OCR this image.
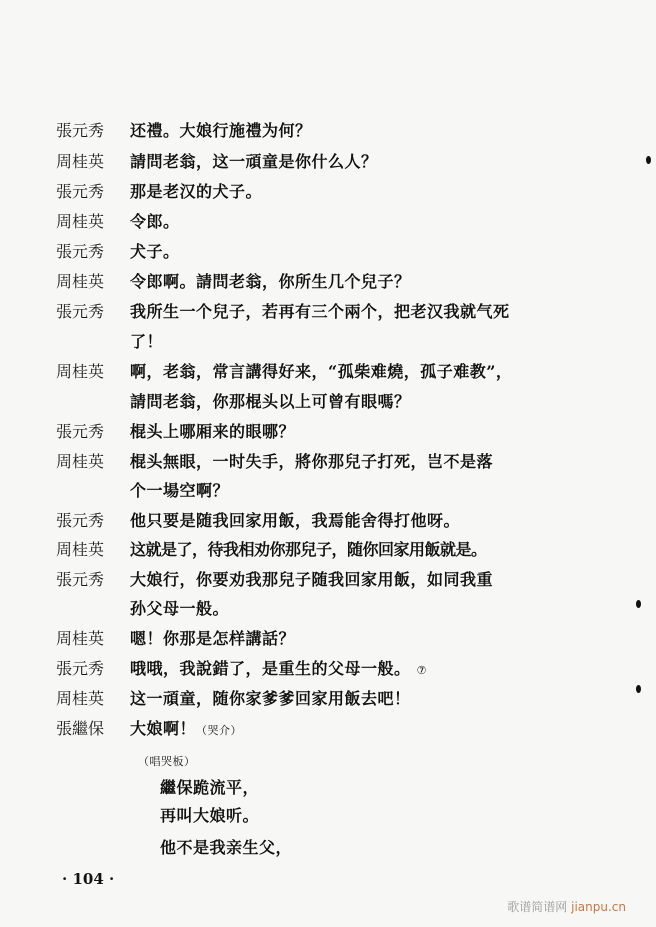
張元秀 还禮。大娘行施禮为何？
周桂英 請問老翁，这一頑童是你什么人？
張元秀 那是老汉的犬子。
周桂英 令郎。
張元秀 犬子。
周桂英 令郎啊。請問老翁，你所生几个兒子？
張元秀 我所生一个兒子，若再有三个兩个，把老汉我就气死
了！
周桂英 啊，老翁，常言講得好来，“孤柴难燒，孤子难教”，
請問老翁，你那棍头以上可曾有眼嗎？
張元秀 棍头上哪厢来的眼哪？
周桂英 棍头無眼，一时失手，將你那兒子打死，岂不是落
个一場空啊？
張元秀 他只要是随我回家用飯，我焉能舍得打他呀。
周桂英 这就是了，待我相劝你那兒子，随你回家用飯就是。
張元秀 大娘行，你要劝我那兒子随我回家用飯，如同我重
孙父母一般。
周桂英 嗯！你那是怎样講話？
張元秀 哦哦，我說錯了，是重生的父母一般。 ⑦
周桂英 这一頑童，随你家爹爹回家用飯去吧！
張繼保 大娘啊！（哭介）
（唱哭板）
繼保跪流平，
再叫大娘听。
他不是我亲生父，
· 104 ·
歌谱简谱网 jianpu.cn
